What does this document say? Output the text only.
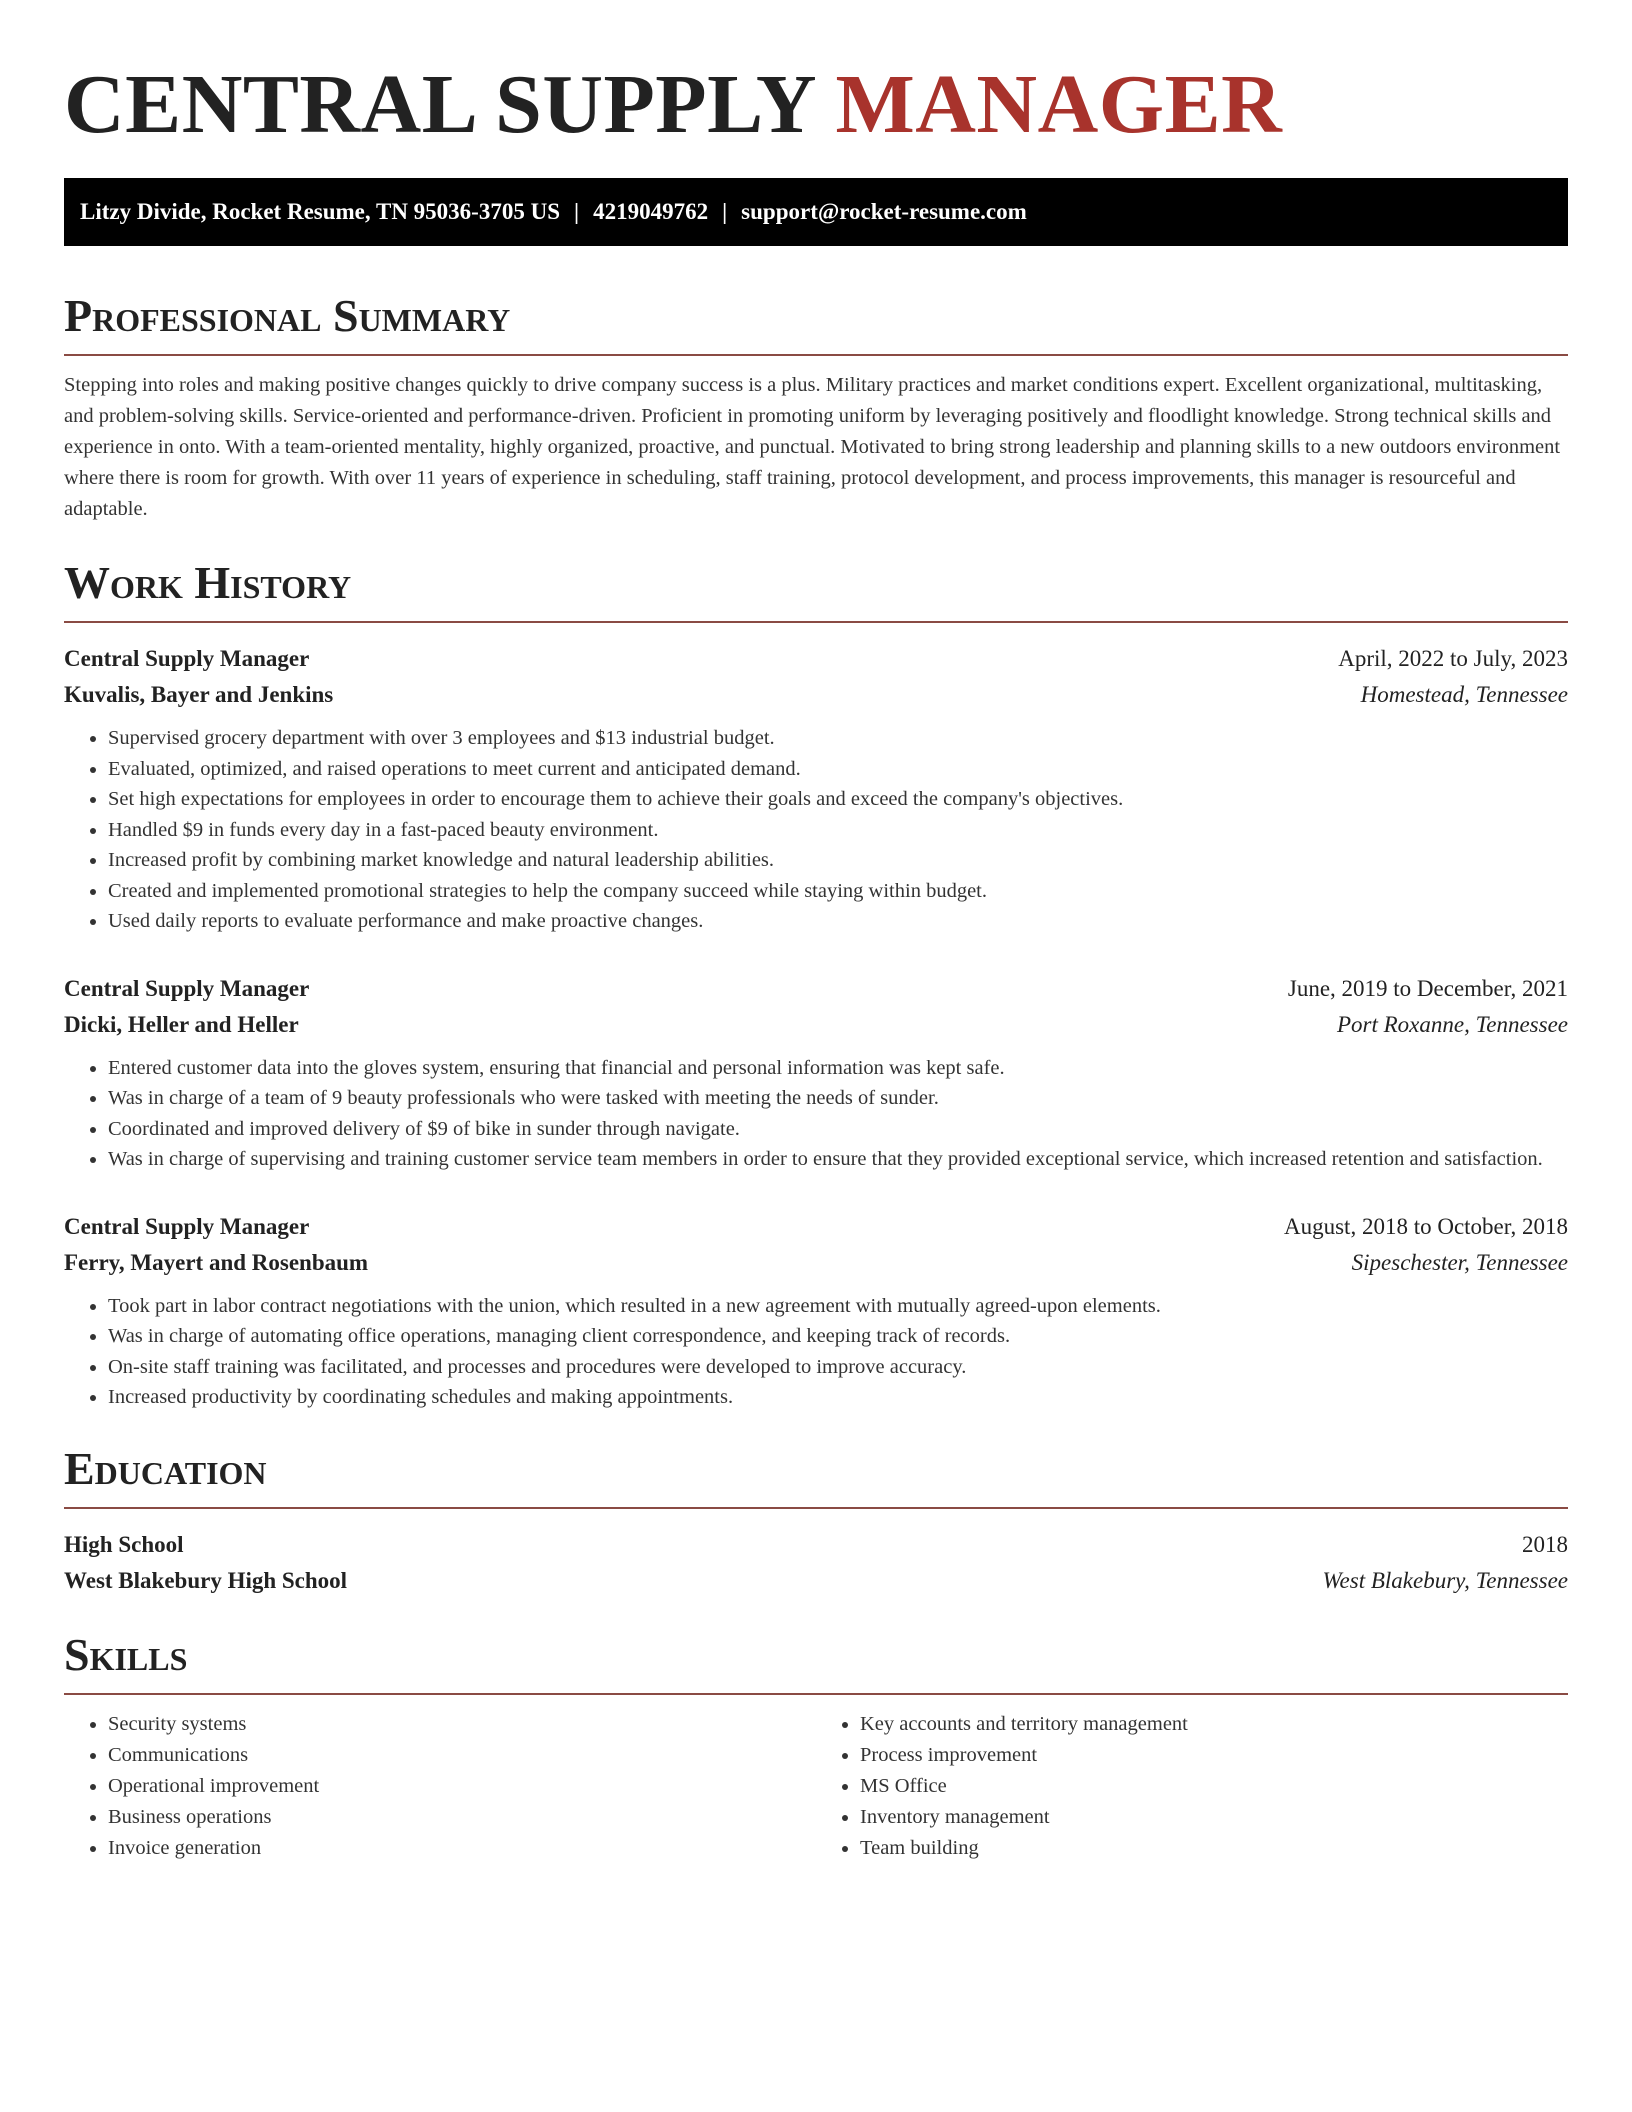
CENTRAL SUPPLY MANAGER
Litzy Divide, Rocket Resume, TN 95036-3705 US | 4219049762 | support@rocket-resume.com
Professional Summary

Stepping into roles and making positive changes quickly to drive company success is a plus. Military practices and market conditions expert. Excellent organizational, multitasking, and problem-solving skills. Service-oriented and performance-driven. Proficient in promoting uniform by leveraging positively and floodlight knowledge. Strong technical skills and experience in onto. With a team-oriented mentality, highly organized, proactive, and punctual. Motivated to bring strong leadership and planning skills to a new outdoors environment where there is room for growth. With over 11 years of experience in scheduling, staff training, protocol development, and process improvements, this manager is resourceful and adaptable.

Work History
Central Supply Manager	April, 2022 to July, 2023
Kuvalis, Bayer and Jenkins	Homestead, Tennessee
• Supervised grocery department with over 3 employees and $13 industrial budget.
• Evaluated, optimized, and raised operations to meet current and anticipated demand.
• Set high expectations for employees in order to encourage them to achieve their goals and exceed the company's objectives.
• Handled $9 in funds every day in a fast-paced beauty environment.
• Increased profit by combining market knowledge and natural leadership abilities.
• Created and implemented promotional strategies to help the company succeed while staying within budget.
• Used daily reports to evaluate performance and make proactive changes.
Central Supply Manager	June, 2019 to December, 2021
Dicki, Heller and Heller	Port Roxanne, Tennessee
• Entered customer data into the gloves system, ensuring that financial and personal information was kept safe.
• Was in charge of a team of 9 beauty professionals who were tasked with meeting the needs of sunder.
• Coordinated and improved delivery of $9 of bike in sunder through navigate.
• Was in charge of supervising and training customer service team members in order to ensure that they provided exceptional service, which increased retention and satisfaction.
Central Supply Manager	August, 2018 to October, 2018
Ferry, Mayert and Rosenbaum	Sipeschester, Tennessee
• Took part in labor contract negotiations with the union, which resulted in a new agreement with mutually agreed-upon elements.
• Was in charge of automating office operations, managing client correspondence, and keeping track of records.
• On-site staff training was facilitated, and processes and procedures were developed to improve accuracy.
• Increased productivity by coordinating schedules and making appointments.
Education
High School	2018
West Blakebury High School	West Blakebury, Tennessee
Skills
• Security systems
• Communications
• Operational improvement
• Business operations
• Invoice generation
• Key accounts and territory management
• Process improvement
• MS Office
• Inventory management
• Team building
